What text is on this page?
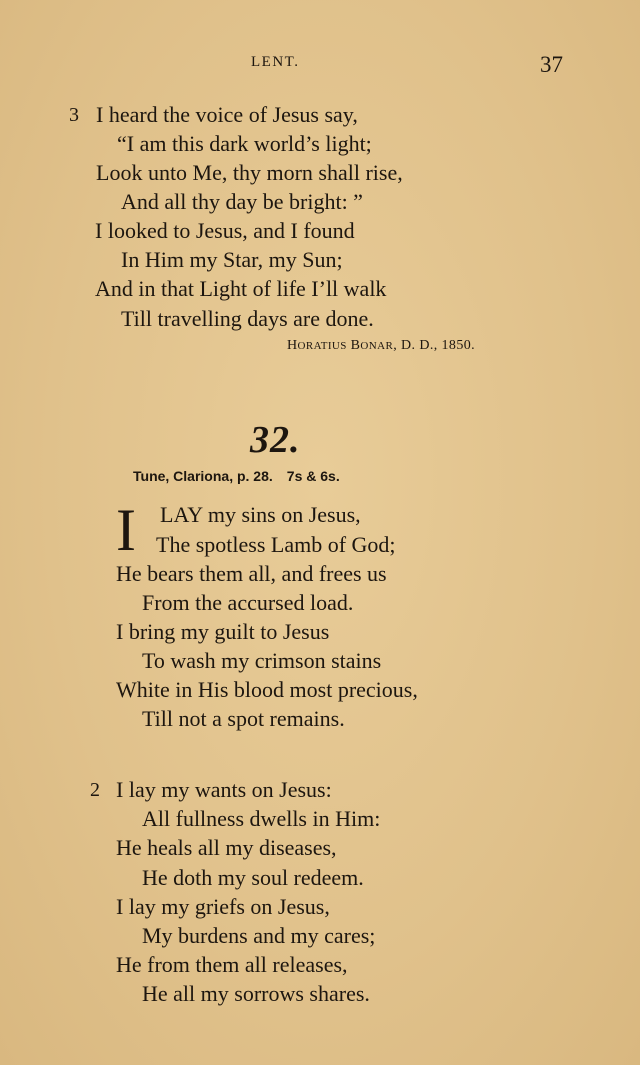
LENT.	37
3 I heard the voice of Jesus say,
“I am this dark world’s light;
Look unto Me, thy morn shall rise,
And all thy day be bright: ”
I looked to Jesus, and I found
In Him my Star, my Sun;
And in that Light of life I’ll walk
Till travelling days are done.
HORATIUS BONAR, D. D., 1850.
32.
Tune, Clariona, p. 28. 7s & 6s.
I LAY my sins on Jesus,
The spotless Lamb of God;
He bears them all, and frees us
From the accursed load.
I bring my guilt to Jesus
To wash my crimson stains
White in His blood most precious,
Till not a spot remains.
2 I lay my wants on Jesus:
All fullness dwells in Him:
He heals all my diseases,
He doth my soul redeem.
I lay my griefs on Jesus,
My burdens and my cares;
He from them all releases,
He all my sorrows shares.
